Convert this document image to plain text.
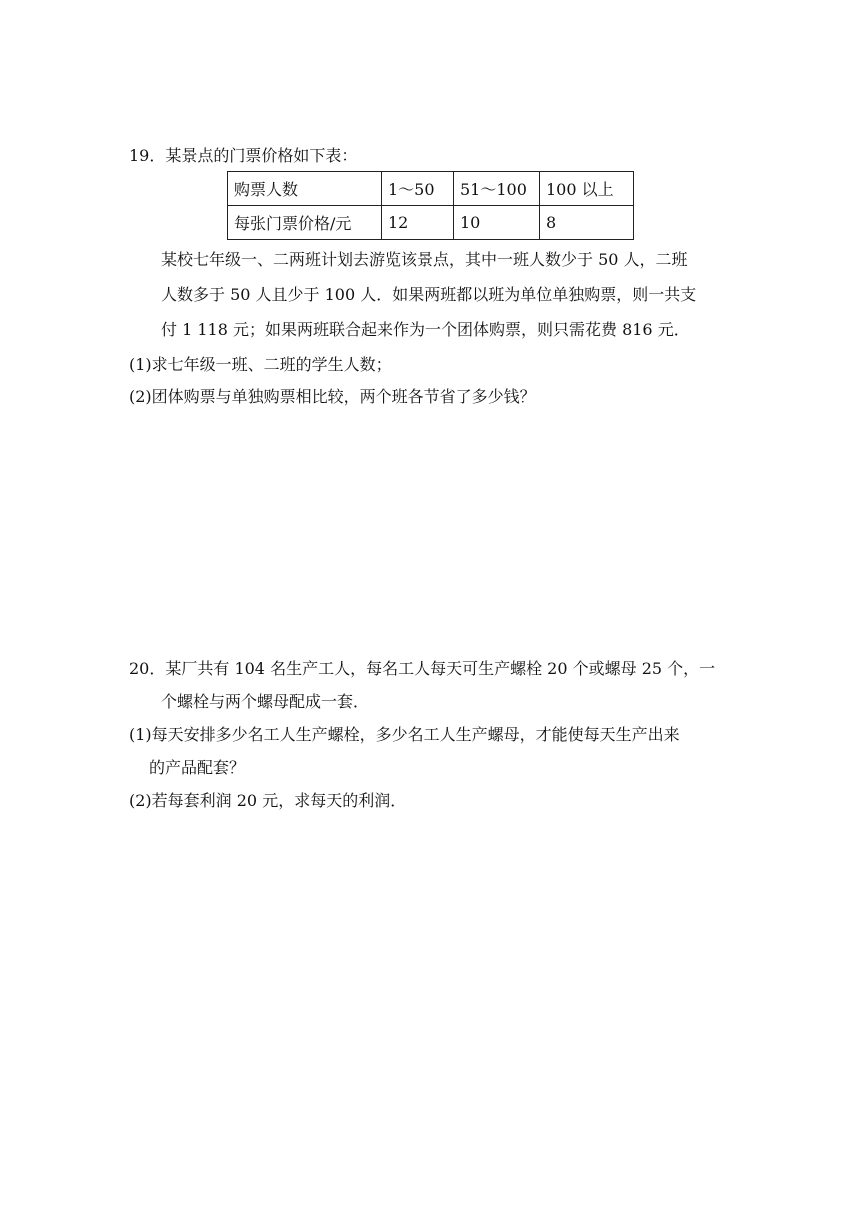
19．某景点的门票价格如下表：
购票人数	1～50	51～100	100 以上
每张门票价格/元	12	10	8
某校七年级一、二两班计划去游览该景点，其中一班人数少于 50 人，二班
人数多于 50 人且少于 100 人．如果两班都以班为单位单独购票，则一共支
付 1 118 元；如果两班联合起来作为一个团体购票，则只需花费 816 元．
(1)求七年级一班、二班的学生人数；
(2)团体购票与单独购票相比较，两个班各节省了多少钱？
20．某厂共有 104 名生产工人，每名工人每天可生产螺栓 20 个或螺母 25 个，一
个螺栓与两个螺母配成一套．
(1)每天安排多少名工人生产螺栓，多少名工人生产螺母，才能使每天生产出来
的产品配套？
(2)若每套利润 20 元，求每天的利润．
